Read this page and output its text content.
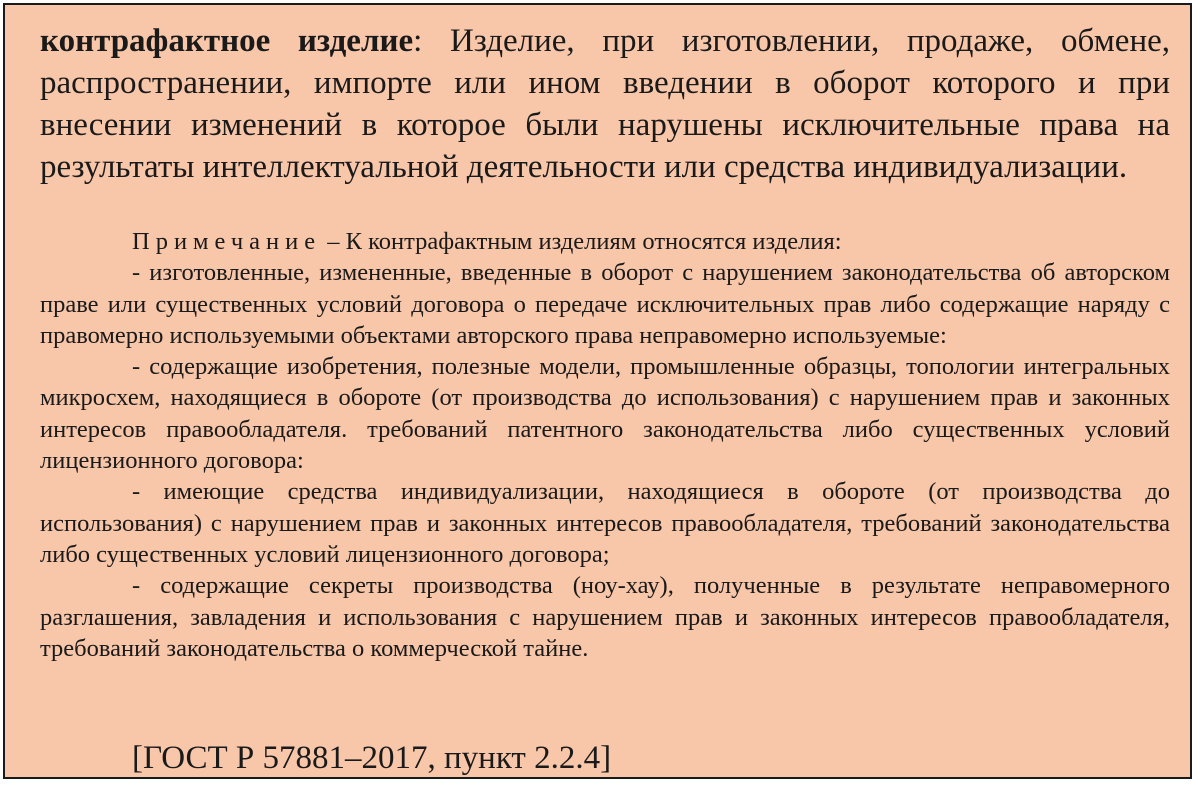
контрафактное изделие: Изделие, при изготовлении, продаже, обмене, распространении, импорте или ином введении в оборот которого и при внесении изменений в которое были нарушены исключительные права на результаты интеллектуальной деятельности или средства индивидуализации.

Примечание – К контрафактным изделиям относятся изделия:

- изготовленные, измененные, введенные в оборот с нарушением законодательства об авторском праве или существенных условий договора о передаче исключительных прав либо содержащие наряду с правомерно используемыми объектами авторского права неправомерно используемые:

- содержащие изобретения, полезные модели, промышленные образцы, топологии интегральных микросхем, находящиеся в обороте (от производства до использования) с нарушением прав и законных интересов правообладателя. требований патентного законодательства либо существенных условий лицензионного договора:

- имеющие средства индивидуализации, находящиеся в обороте (от производства до использования) с нарушением прав и законных интересов правообладателя, требований законодательства либо существенных условий лицензионного договора;

- содержащие секреты производства (ноу-хау), полученные в результате неправомерного разглашения, завладения и использования с нарушением прав и законных интересов правообладателя, требований законодательства о коммерческой тайне.

[ГОСТ Р 57881–2017, пункт 2.2.4]
